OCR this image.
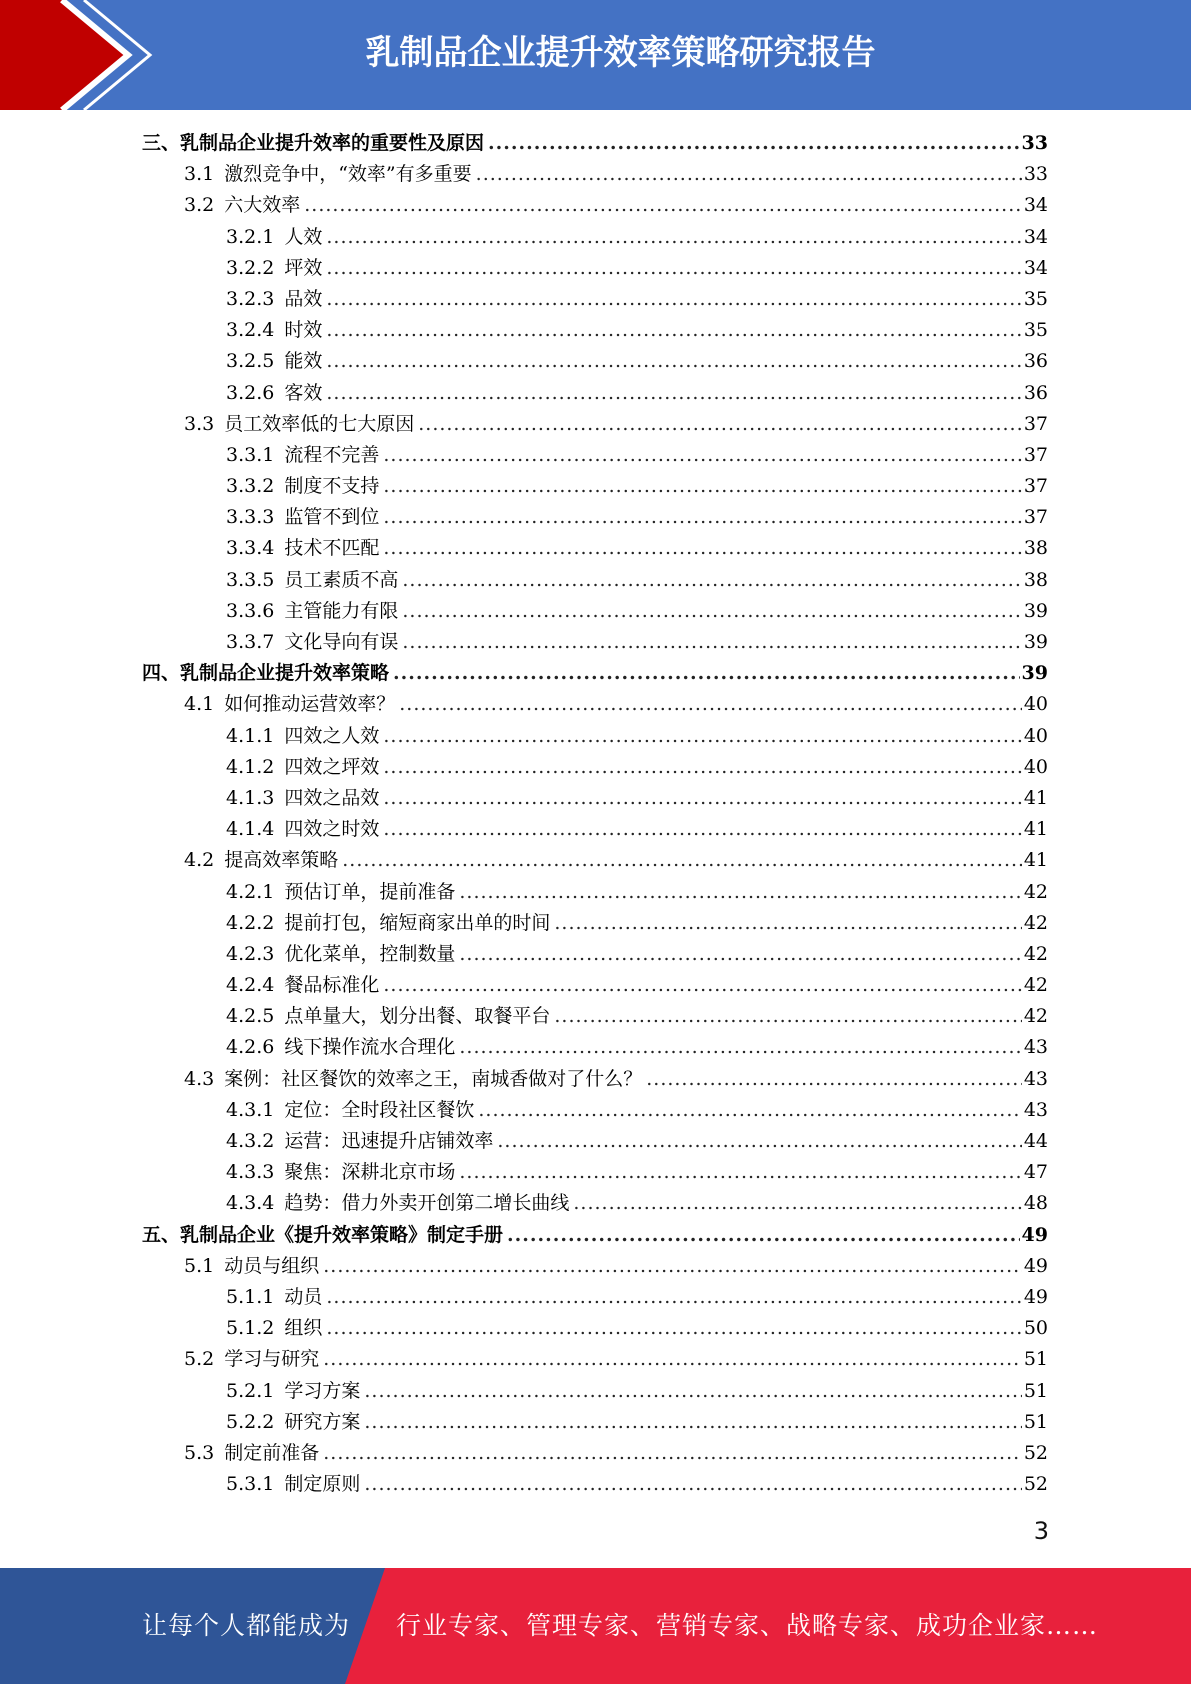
乳制品企业提升效率策略研究报告
三、 乳制品企业提升效率的重要性及原因 .....	33
3.1 激烈竞争中，“效率”有多重要 .....	33
3.2 六大效率 .....	34
3.2.1 人效 .....	34
3.2.2 坪效 .....	34
3.2.3 品效 .....	35
3.2.4 时效 .....	35
3.2.5 能效 .....	36
3.2.6 客效 .....	36
3.3 员工效率低的七大原因 .....	37
3.3.1 流程不完善 .....	37
3.3.2 制度不支持 .....	37
3.3.3 监管不到位 .....	37
3.3.4 技术不匹配 .....	38
3.3.5 员工素质不高 .....	38
3.3.6 主管能力有限 .....	39
3.3.7 文化导向有误 .....	39
四、 乳制品企业提升效率策略 .....	39
4.1 如何推动运营效率？ .....	40
4.1.1 四效之人效 .....	40
4.1.2 四效之坪效 .....	40
4.1.3 四效之品效 .....	41
4.1.4 四效之时效 .....	41
4.2 提高效率策略 .....	41
4.2.1 预估订单，提前准备 .....	42
4.2.2 提前打包，缩短商家出单的时间 .....	42
4.2.3 优化菜单，控制数量 .....	42
4.2.4 餐品标准化 .....	42
4.2.5 点单量大，划分出餐、取餐平台 .....	42
4.2.6 线下操作流水合理化 .....	43
4.3 案例：社区餐饮的效率之王，南城香做对了什么？ .....	43
4.3.1 定位：全时段社区餐饮 .....	43
4.3.2 运营：迅速提升店铺效率 .....	44
4.3.3 聚焦：深耕北京市场 .....	47
4.3.4 趋势：借力外卖开创第二增长曲线 .....	48
五、 乳制品企业《提升效率策略》制定手册 .....	49
5.1 动员与组织 .....	49
5.1.1 动员 .....	49
5.1.2 组织 .....	50
5.2 学习与研究 .....	51
5.2.1 学习方案 .....	51
5.2.2 研究方案 .....	51
5.3 制定前准备 .....	52
5.3.1 制定原则 .....	52
3
让每个人都能成为 行业专家、管理专家、营销专家、战略专家、成功企业家……
